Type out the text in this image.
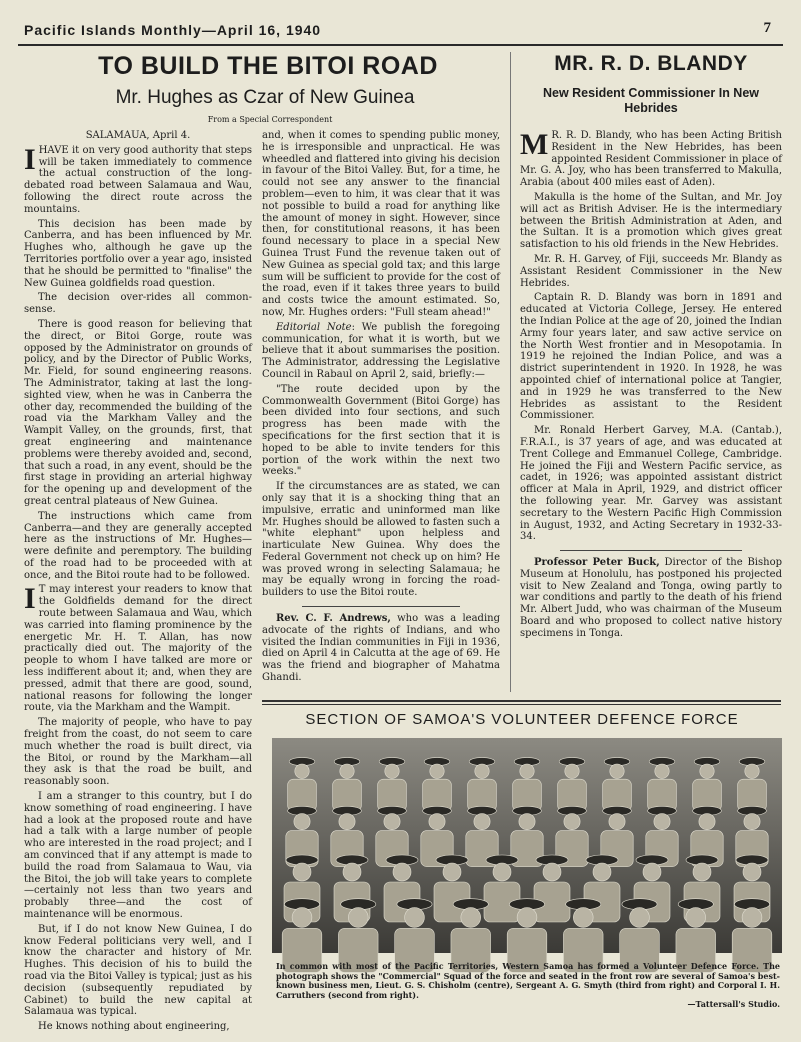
Pacific Islands Monthly—April 16, 1940	7
TO BUILD THE BITOI ROAD
Mr. Hughes as Czar of New Guinea
From a Special Correspondent

SALAMAUA, April 4.

IHAVE it on very good authority that steps will be taken immediately to commence the actual construction of the long-debated road between Salamaua and Wau, following the direct route across the mountains.

This decision has been made by Canberra, and has been influenced by Mr. Hughes who, although he gave up the Territories portfolio over a year ago, insisted that he should be permitted to "finalise" the New Guinea goldfields road question.

The decision over-rides all common-sense.

There is good reason for believing that the direct, or Bitoi Gorge, route was opposed by the Administrator on grounds of policy, and by the Director of Public Works, Mr. Field, for sound engineering reasons. The Administrator, taking at last the long-sighted view, when he was in Canberra the other day, recommended the building of the road via the Markham Valley and the Wampit Valley, on the grounds, first, that great engineering and maintenance problems were thereby avoided and, second, that such a road, in any event, should be the first stage in providing an arterial highway for the opening up and development of the great central plateaus of New Guinea.

The instructions which came from Canberra—and they are generally accepted here as the instructions of Mr. Hughes—were definite and peremptory. The building of the road had to be proceeded with at once, and the Bitoi route had to be followed.

I T may interest your readers to know that the Goldfields demand for the direct route between Salamaua and Wau, which was carried into flaming prominence by the energetic Mr. H. T. Allan, has now practically died out. The majority of the people to whom I have talked are more or less indifferent about it; and, when they are pressed, admit that there are good, sound, national reasons for following the longer route, via the Markham and the Wampit.

The majority of people, who have to pay freight from the coast, do not seem to care much whether the road is built direct, via the Bitoi, or round by the Markham—all they ask is that the road be built, and reasonably soon.

I am a stranger to this country, but I do know something of road engineering. I have had a look at the proposed route and have had a talk with a large number of people who are interested in the road project; and I am convinced that if any attempt is made to build the road from Salamaua to Wau, via the Bitoi, the job will take years to complete—certainly not less than two years and probably three—and the cost of maintenance will be enormous.

But, if I do not know New Guinea, I do know Federal politicians very well, and I know the character and history of Mr. Hughes. This decision of his to build the road via the Bitoi Valley is typical; just as his decision (subsequently repudiated by Cabinet) to build the new capital at Salamaua was typical.

He knows nothing about engineering,

and, when it comes to spending public money, he is irresponsible and unpractical. He was wheedled and flattered into giving his decision in favour of the Bitoi Valley. But, for a time, he could not see any answer to the financial problem—even to him, it was clear that it was not possible to build a road for anything like the amount of money in sight. However, since then, for constitutional reasons, it has been found necessary to place in a special New Guinea Trust Fund the revenue taken out of New Guinea as special gold tax; and this large sum will be sufficient to provide for the cost of the road, even if it takes three years to build and costs twice the amount estimated. So, now, Mr. Hughes orders: "Full steam ahead!"

Editorial Note: We publish the foregoing communication, for what it is worth, but we believe that it about summarises the position. The Administrator, addressing the Legislative Council in Rabaul on April 2, said, briefly:—

"The route decided upon by the Commonwealth Government (Bitoi Gorge) has been divided into four sections, and such progress has been made with the specifications for the first section that it is hoped to be able to invite tenders for this portion of the work within the next two weeks."

If the circumstances are as stated, we can only say that it is a shocking thing that an impulsive, erratic and uninformed man like Mr. Hughes should be allowed to fasten such a "white elephant" upon helpless and inarticulate New Guinea. Why does the Federal Government not check up on him? He was proved wrong in selecting Salamaua; he may be equally wrong in forcing the road-builders to use the Bitoi route.

Rev. C. F. Andrews, who was a leading advocate of the rights of Indians, and who visited the Indian communities in Fiji in 1936, died on April 4 in Calcutta at the age of 69. He was the friend and biographer of Mahatma Ghandi.

MR. R. D. BLANDY
New Resident Commissioner In New Hebrides

M R. R. D. Blandy, who has been Acting British Resident in the New Hebrides, has been appointed Resident Commissioner in place of Mr. G. A. Joy, who has been transferred to Makulla, Arabia (about 400 miles east of Aden).

Makulla is the home of the Sultan, and Mr. Joy will act as British Adviser. He is the intermediary between the British Administration at Aden, and the Sultan. It is a promotion which gives great satisfaction to his old friends in the New Hebrides.

Mr. R. H. Garvey, of Fiji, succeeds Mr. Blandy as Assistant Resident Commissioner in the New Hebrides.

Captain R. D. Blandy was born in 1891 and educated at Victoria College, Jersey. He entered the Indian Police at the age of 20, joined the Indian Army four years later, and saw active service on the North West frontier and in Mesopotamia. In 1919 he rejoined the Indian Police, and was a district superintendent in 1920. In 1928, he was appointed chief of international police at Tangier, and in 1929 he was transferred to the New Hebrides as assistant to the Resident Commissioner.

Mr. Ronald Herbert Garvey, M.A. (Cantab.), F.R.A.I., is 37 years of age, and was educated at Trent College and Emmanuel College, Cambridge. He joined the Fiji and Western Pacific service, as cadet, in 1926; was appointed assistant district officer at Mala in April, 1929, and district officer the following year. Mr. Garvey was assistant secretary to the Western Pacific High Commission in August, 1932, and Acting Secretary in 1932-33-34.

Professor Peter Buck, Director of the Bishop Museum at Honolulu, has postponed his projected visit to New Zealand and Tonga, owing partly to war conditions and partly to the death of his friend Mr. Albert Judd, who was chairman of the Museum Board and who proposed to collect native history specimens in Tonga.

SECTION OF SAMOA'S VOLUNTEER DEFENCE FORCE
In common with most of the Pacific Territories, Western Samoa has formed a Volunteer Defence Force. The photograph shows the "Commercial" Squad of the force and seated in the front row are several of Samoa's best-known business men, Lieut. G. S. Chisholm (centre), Sergeant A. G. Smyth (third from right) and Corporal I. H. Carruthers (second from right).
—Tattersall's Studio.
